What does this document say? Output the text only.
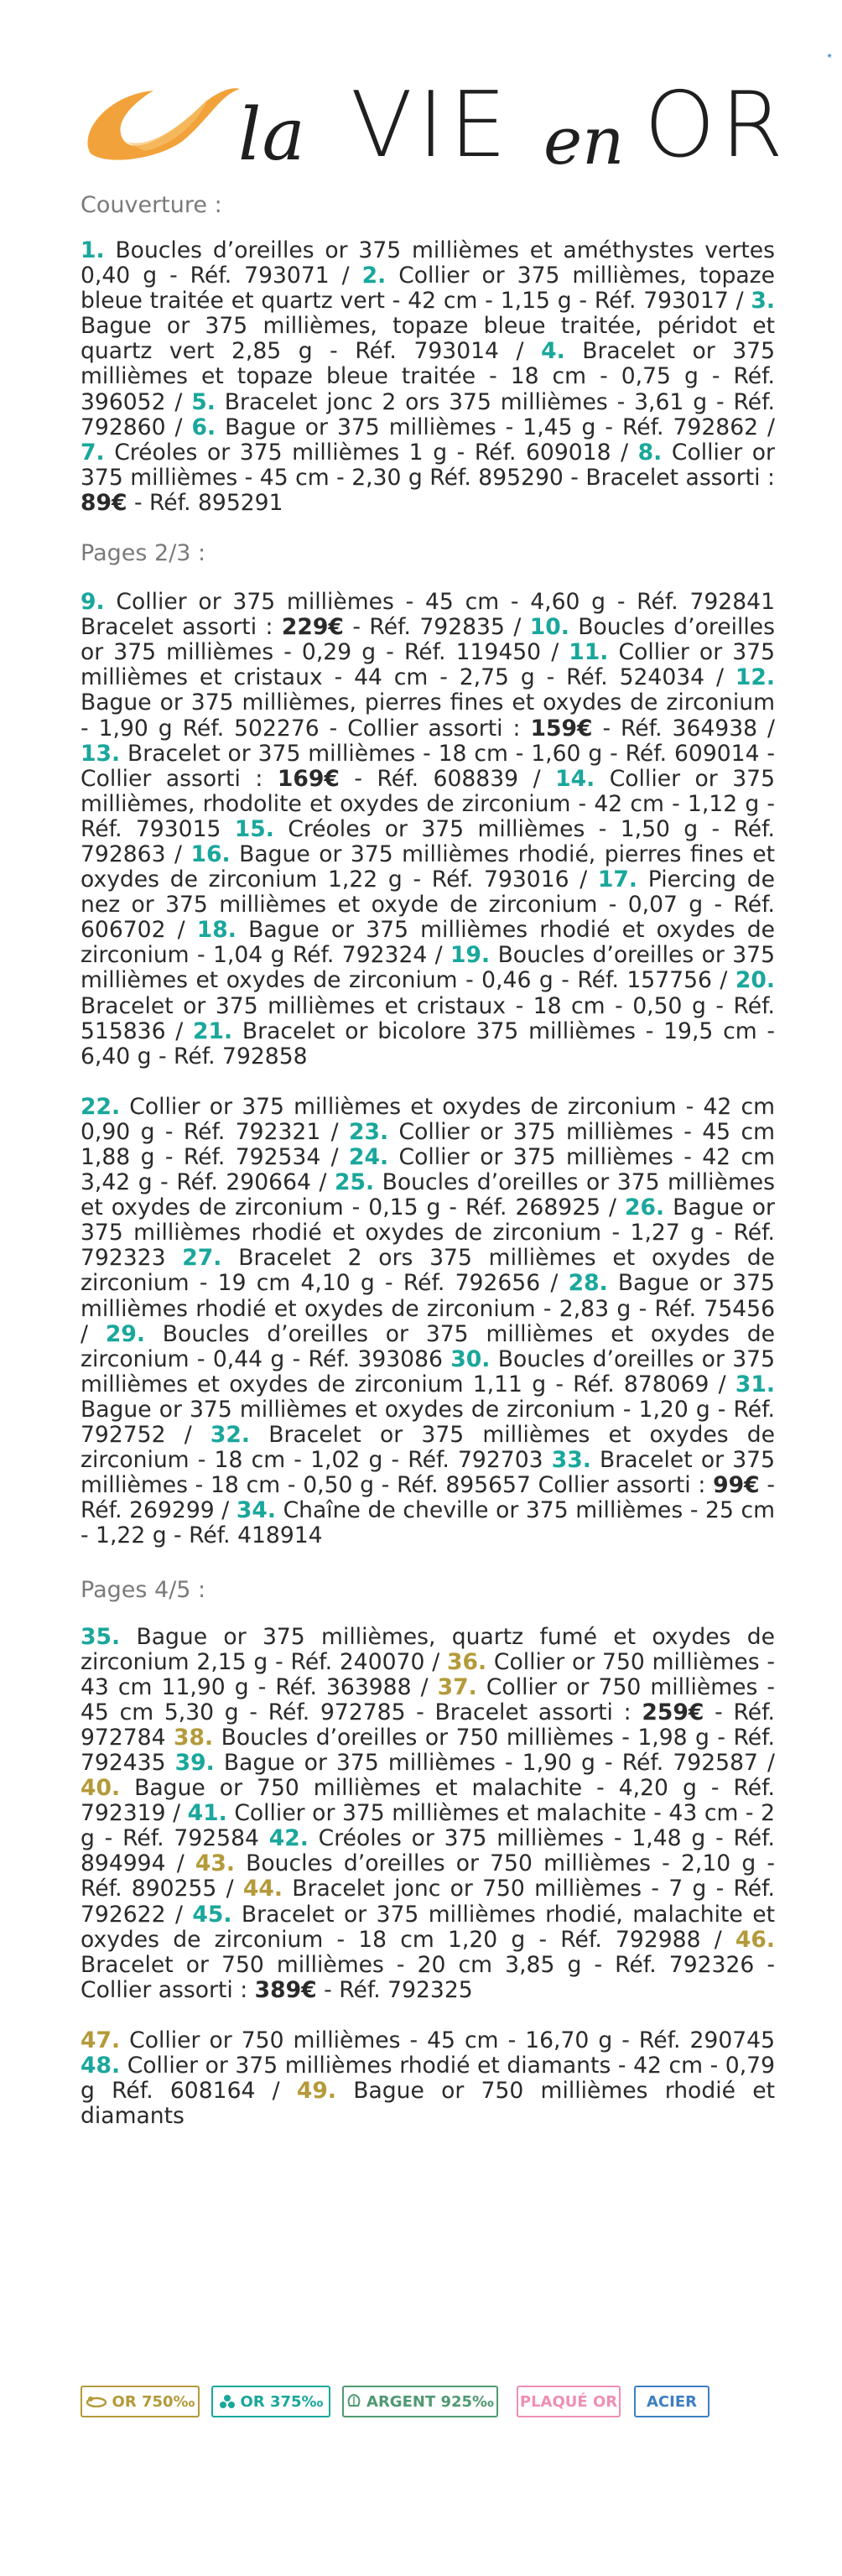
la VIE en OR
✴

Couverture :

1. Boucles d’oreilles or 375 millièmes et améthystes vertes 0,40 g - Réf. 793071 / 2. Collier or 375 millièmes, topaze bleue traitée et quartz vert - 42 cm - 1,15 g - Réf. 793017 / 3. Bague or 375 millièmes, topaze bleue traitée, péridot et quartz vert 2,85 g - Réf. 793014 / 4. Bracelet or 375 millièmes et topaze bleue traitée - 18 cm - 0,75 g - Réf. 396052 / 5. Bracelet jonc 2 ors 375 millièmes - 3,61 g - Réf. 792860 / 6. Bague or 375 millièmes - 1,45 g - Réf. 792862 / 7. Créoles or 375 millièmes 1 g - Réf. 609018 / 8. Collier or 375 millièmes - 45 cm - 2,30 g Réf. 895290 - Bracelet assorti : 89€ - Réf. 895291

Pages 2/3 :

9. Collier or 375 millièmes - 45 cm - 4,60 g - Réf. 792841 Bracelet assorti : 229€ - Réf. 792835 / 10. Boucles d’oreilles or 375 millièmes - 0,29 g - Réf. 119450 / 11. Collier or 375 millièmes et cristaux - 44 cm - 2,75 g - Réf. 524034 / 12. Bague or 375 millièmes, pierres fines et oxydes de zirconium - 1,90 g Réf. 502276 - Collier assorti : 159€ - Réf. 364938 / 13. Bracelet or 375 millièmes - 18 cm - 1,60 g - Réf. 609014 - Collier assorti : 169€ - Réf. 608839 / 14. Collier or 375 millièmes, rhodolite et oxydes de zirconium - 42 cm - 1,12 g - Réf. 793015 15. Créoles or 375 millièmes - 1,50 g - Réf. 792863 / 16. Bague or 375 millièmes rhodié, pierres fines et oxydes de zirconium 1,22 g - Réf. 793016 / 17. Piercing de nez or 375 millièmes et oxyde de zirconium - 0,07 g - Réf. 606702 / 18. Bague or 375 millièmes rhodié et oxydes de zirconium - 1,04 g Réf. 792324 / 19. Boucles d’oreilles or 375 millièmes et oxydes de zirconium - 0,46 g - Réf. 157756 / 20. Bracelet or 375 millièmes et cristaux - 18 cm - 0,50 g - Réf. 515836 / 21. Bracelet or bicolore 375 millièmes - 19,5 cm - 6,40 g - Réf. 792858

22. Collier or 375 millièmes et oxydes de zirconium - 42 cm 0,90 g - Réf. 792321 / 23. Collier or 375 millièmes - 45 cm 1,88 g - Réf. 792534 / 24. Collier or 375 millièmes - 42 cm 3,42 g - Réf. 290664 / 25. Boucles d’oreilles or 375 millièmes et oxydes de zirconium - 0,15 g - Réf. 268925 / 26. Bague or 375 millièmes rhodié et oxydes de zirconium - 1,27 g - Réf. 792323 27. Bracelet 2 ors 375 millièmes et oxydes de zirconium - 19 cm 4,10 g - Réf. 792656 / 28. Bague or 375 millièmes rhodié et oxydes de zirconium - 2,83 g - Réf. 75456 / 29. Boucles d’oreilles or 375 millièmes et oxydes de zirconium - 0,44 g - Réf. 393086 30. Boucles d’oreilles or 375 millièmes et oxydes de zirconium 1,11 g - Réf. 878069 / 31. Bague or 375 millièmes et oxydes de zirconium - 1,20 g - Réf. 792752 / 32. Bracelet or 375 millièmes et oxydes de zirconium - 18 cm - 1,02 g - Réf. 792703 33. Bracelet or 375 millièmes - 18 cm - 0,50 g - Réf. 895657 Collier assorti : 99€ - Réf. 269299 / 34. Chaîne de cheville or 375 millièmes - 25 cm - 1,22 g - Réf. 418914

Pages 4/5 :

35. Bague or 375 millièmes, quartz fumé et oxydes de zirconium 2,15 g - Réf. 240070 / 36. Collier or 750 millièmes - 43 cm 11,90 g - Réf. 363988 / 37. Collier or 750 millièmes - 45 cm 5,30 g - Réf. 972785 - Bracelet assorti : 259€ - Réf. 972784 38. Boucles d’oreilles or 750 millièmes - 1,98 g - Réf. 792435 39. Bague or 375 millièmes - 1,90 g - Réf. 792587 / 40. Bague or 750 millièmes et malachite - 4,20 g - Réf. 792319 / 41. Collier or 375 millièmes et malachite - 43 cm - 2 g - Réf. 792584 42. Créoles or 375 millièmes - 1,48 g - Réf. 894994 / 43. Boucles d’oreilles or 750 millièmes - 2,10 g - Réf. 890255 / 44. Bracelet jonc or 750 millièmes - 7 g - Réf. 792622 / 45. Bracelet or 375 millièmes rhodié, malachite et oxydes de zirconium - 18 cm 1,20 g - Réf. 792988 / 46. Bracelet or 750 millièmes - 20 cm 3,85 g - Réf. 792326 - Collier assorti : 389€ - Réf. 792325

47. Collier or 750 millièmes - 45 cm - 16,70 g - Réf. 290745 48. Collier or 375 millièmes rhodié et diamants - 42 cm - 0,79 g Réf. 608164 / 49. Bague or 750 millièmes rhodié et diamants

OR 750‰	OR 375‰	ARGENT 925‰ PLAQUÉ OR ACIER
